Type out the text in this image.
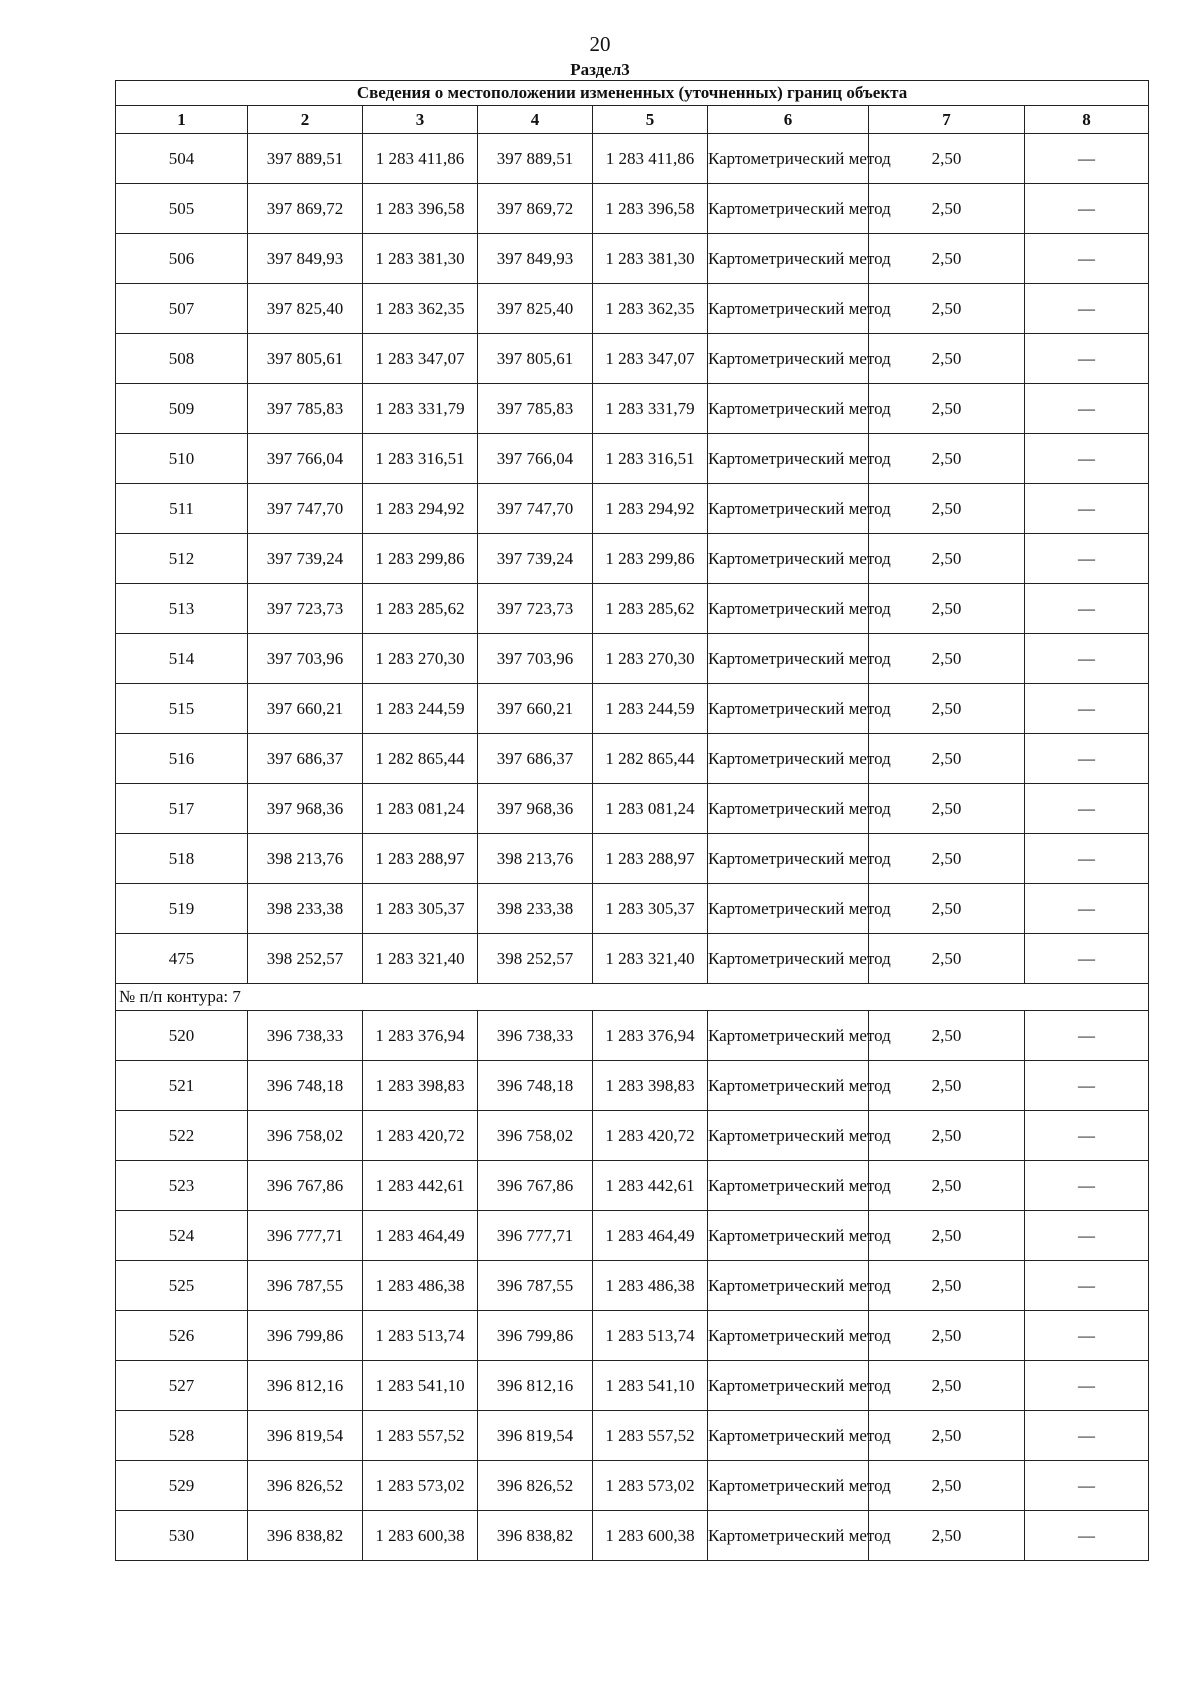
20
Раздел3
Сведения о местоположении измененных (уточненных) границ объекта							
1	2	3	4	5	6	7	8
504	397 889,51	1 283 411,86	397 889,51	1 283 411,86	Картометрический метод	2,50	—
505	397 869,72	1 283 396,58	397 869,72	1 283 396,58	Картометрический метод	2,50	—
506	397 849,93	1 283 381,30	397 849,93	1 283 381,30	Картометрический метод	2,50	—
507	397 825,40	1 283 362,35	397 825,40	1 283 362,35	Картометрический метод	2,50	—
508	397 805,61	1 283 347,07	397 805,61	1 283 347,07	Картометрический метод	2,50	—
509	397 785,83	1 283 331,79	397 785,83	1 283 331,79	Картометрический метод	2,50	—
510	397 766,04	1 283 316,51	397 766,04	1 283 316,51	Картометрический метод	2,50	—
511	397 747,70	1 283 294,92	397 747,70	1 283 294,92	Картометрический метод	2,50	—
512	397 739,24	1 283 299,86	397 739,24	1 283 299,86	Картометрический метод	2,50	—
513	397 723,73	1 283 285,62	397 723,73	1 283 285,62	Картометрический метод	2,50	—
514	397 703,96	1 283 270,30	397 703,96	1 283 270,30	Картометрический метод	2,50	—
515	397 660,21	1 283 244,59	397 660,21	1 283 244,59	Картометрический метод	2,50	—
516	397 686,37	1 282 865,44	397 686,37	1 282 865,44	Картометрический метод	2,50	—
517	397 968,36	1 283 081,24	397 968,36	1 283 081,24	Картометрический метод	2,50	—
518	398 213,76	1 283 288,97	398 213,76	1 283 288,97	Картометрический метод	2,50	—
519	398 233,38	1 283 305,37	398 233,38	1 283 305,37	Картометрический метод	2,50	—
475	398 252,57	1 283 321,40	398 252,57	1 283 321,40	Картометрический метод	2,50	—
№ п/п контура: 7							
520	396 738,33	1 283 376,94	396 738,33	1 283 376,94	Картометрический метод	2,50	—
521	396 748,18	1 283 398,83	396 748,18	1 283 398,83	Картометрический метод	2,50	—
522	396 758,02	1 283 420,72	396 758,02	1 283 420,72	Картометрический метод	2,50	—
523	396 767,86	1 283 442,61	396 767,86	1 283 442,61	Картометрический метод	2,50	—
524	396 777,71	1 283 464,49	396 777,71	1 283 464,49	Картометрический метод	2,50	—
525	396 787,55	1 283 486,38	396 787,55	1 283 486,38	Картометрический метод	2,50	—
526	396 799,86	1 283 513,74	396 799,86	1 283 513,74	Картометрический метод	2,50	—
527	396 812,16	1 283 541,10	396 812,16	1 283 541,10	Картометрический метод	2,50	—
528	396 819,54	1 283 557,52	396 819,54	1 283 557,52	Картометрический метод	2,50	—
529	396 826,52	1 283 573,02	396 826,52	1 283 573,02	Картометрический метод	2,50	—
530	396 838,82	1 283 600,38	396 838,82	1 283 600,38	Картометрический метод	2,50	—
